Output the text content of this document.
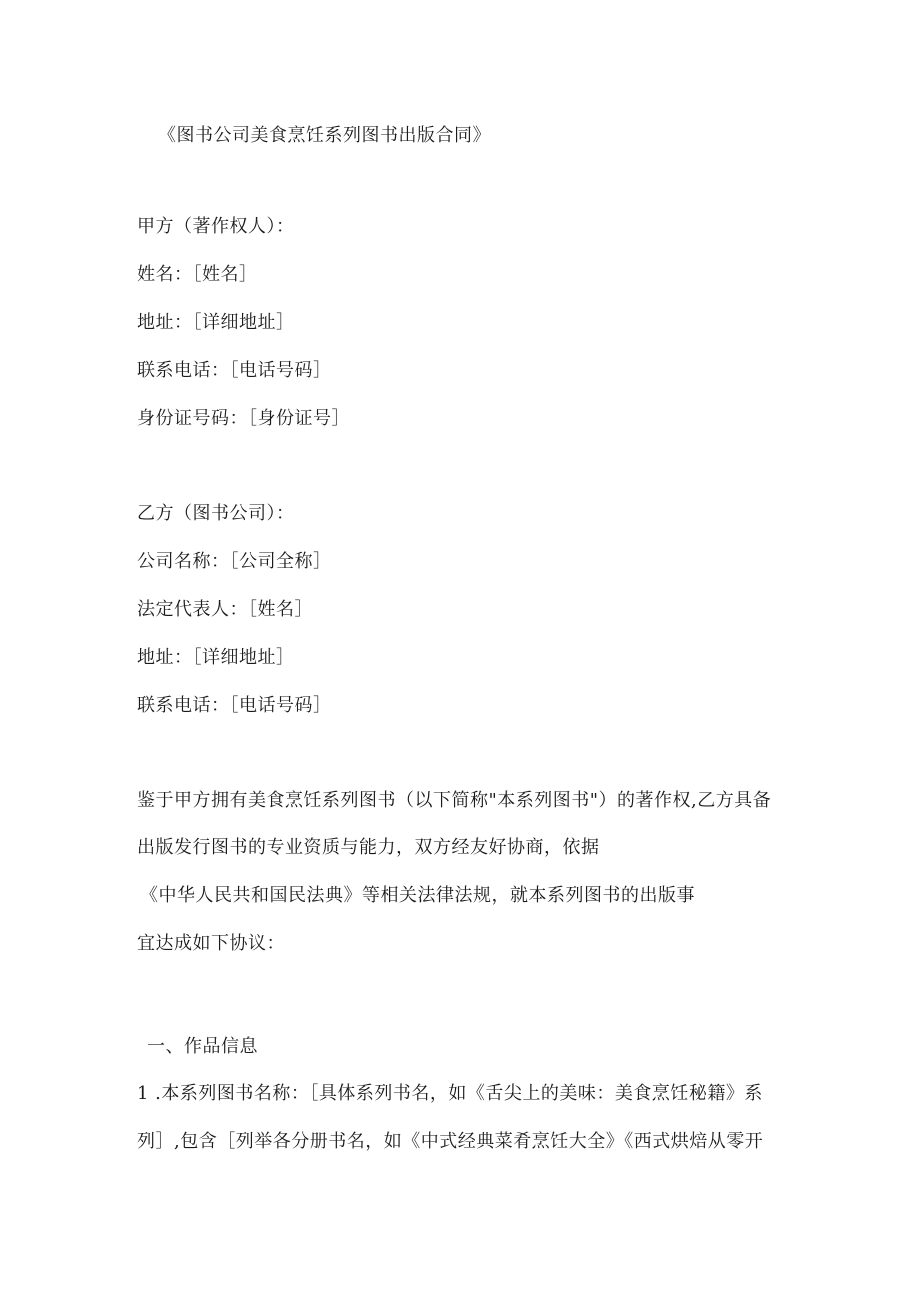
《图书公司美食烹饪系列图书出版合同》
甲方（著作权人）：
姓名：［姓名］
地址：［详细地址］
联系电话：［电话号码］
身份证号码：［身份证号］
乙方（图书公司）：
公司名称：［公司全称］
法定代表人：［姓名］
地址：［详细地址］
联系电话：［电话号码］
鉴于甲方拥有美食烹饪系列图书（以下简称"本系列图书"）的著作权,乙方具备
出版发行图书的专业资质与能力，双方经友好协商，依据
《中华人民共和国民法典》等相关法律法规，就本系列图书的出版事
宜达成如下协议：
一、作品信息
1 .本系列图书名称：［具体系列书名，如《舌尖上的美味：美食烹饪秘籍》系
列］,包含［列举各分册书名，如《中式经典菜肴烹饪大全》《西式烘焙从零开
